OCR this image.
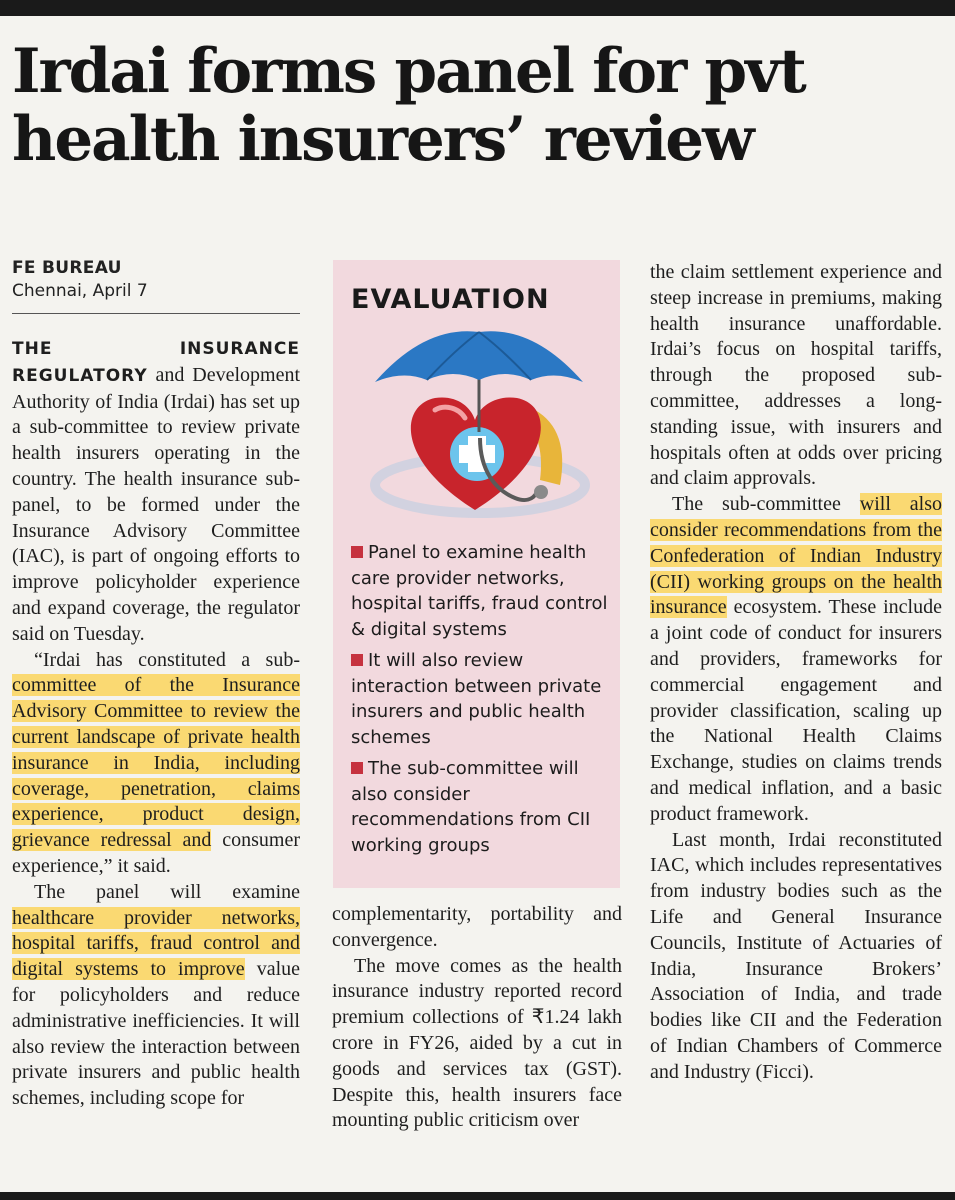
Irdai forms panel for pvt
health insurers’ review
FE BUREAU
Chennai, April 7

THE INSURANCE REGULATORY and Development Authority of India (Irdai) has set up a sub-committee to review private health insurers operating in the country. The health insurance sub-panel, to be formed under the Insurance Advisory Committee (IAC), is part of ongoing efforts to improve policyholder experience and expand coverage, the regulator said on Tuesday.

“Irdai has constituted a sub-committee of the Insurance Advisory Committee to review the current landscape of private health insurance in India, including coverage, penetration, claims experience, product design, grievance redressal and consumer experience,” it said.

The panel will examine healthcare provider networks, hospital tariffs, fraud control and digital systems to improve value for policyholders and reduce administrative inefficiencies. It will also review the interaction between private insurers and public health schemes, including scope for

EVALUATION
Panel to examine health care provider networks, hospital tariffs, fraud control & digital systems
It will also review interaction between private insurers and public health schemes
The sub-committee will also consider recommendations from CII working groups

complementarity, portability and convergence.

The move comes as the health insurance industry reported record premium collections of ₹1.24 lakh crore in FY26, aided by a cut in goods and services tax (GST). Despite this, health insurers face mounting public criticism over

the claim settlement experience and steep increase in premiums, making health insurance unaffordable. Irdai’s focus on hospital tariffs, through the proposed sub-committee, addresses a long-standing issue, with insurers and hospitals often at odds over pricing and claim approvals.

The sub-committee will also consider recommendations from the Confederation of Indian Industry (CII) working groups on the health insurance ecosystem. These include a joint code of conduct for insurers and providers, frameworks for commercial engagement and provider classification, scaling up the National Health Claims Exchange, studies on claims trends and medical inflation, and a basic product framework.

Last month, Irdai reconstituted IAC, which includes representatives from industry bodies such as the Life and General Insurance Councils, Institute of Actuaries of India, Insurance Brokers’ Association of India, and trade bodies like CII and the Federation of Indian Chambers of Commerce and Industry (Ficci).
